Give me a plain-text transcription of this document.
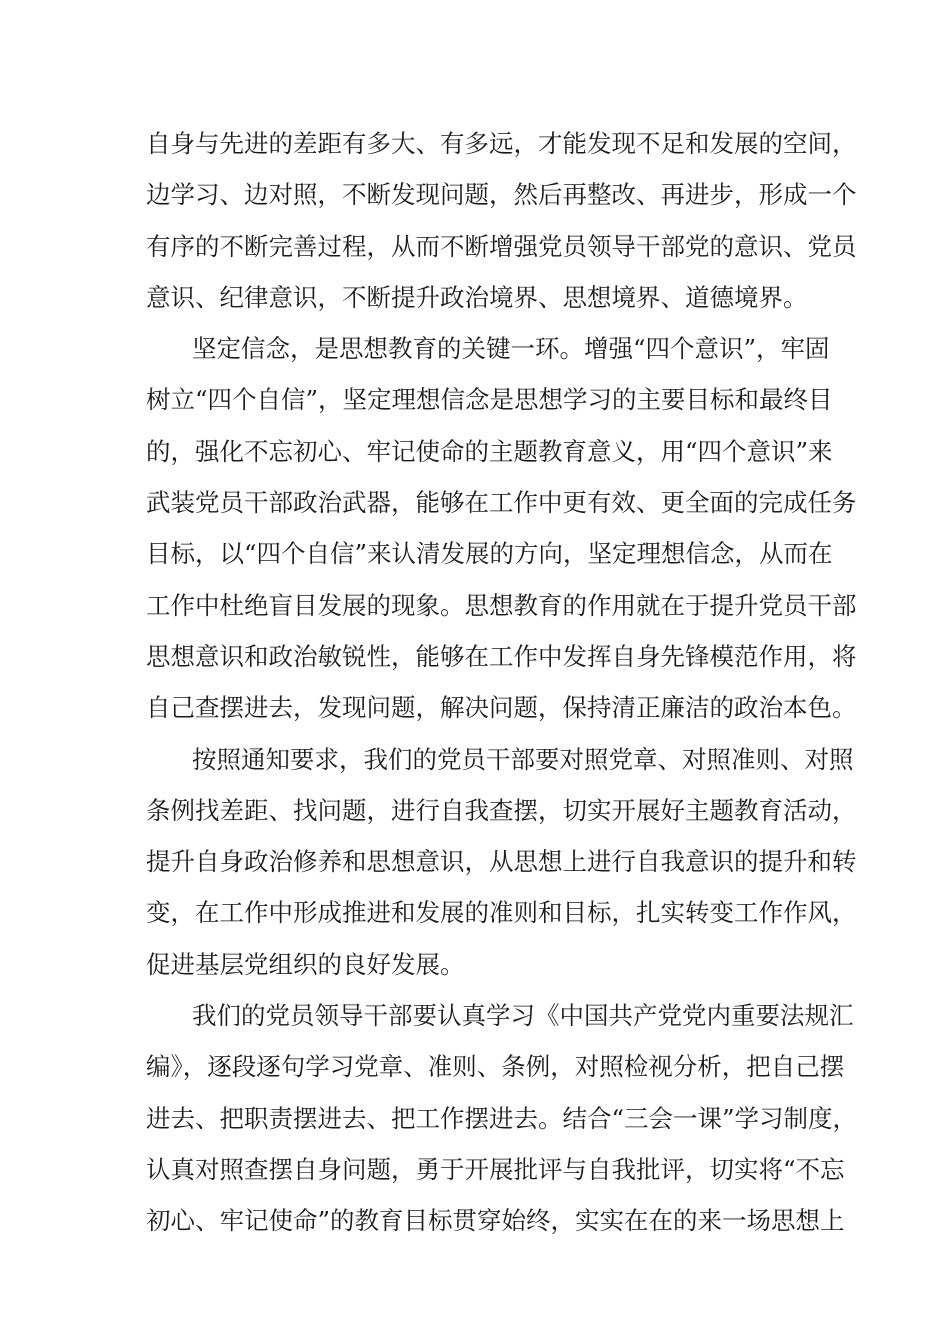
自身与先进的差距有多大、有多远，才能发现不足和发展的空间，
边学习、边对照，不断发现问题，然后再整改、再进步，形成一个
有序的不断完善过程，从而不断增强党员领导干部党的意识、党员
意识、纪律意识，不断提升政治境界、思想境界、道德境界。
坚定信念，是思想教育的关键一环。增强“四个意识”，牢固
树立“四个自信”，坚定理想信念是思想学习的主要目标和最终目
的，强化不忘初心、牢记使命的主题教育意义，用“四个意识”来
武装党员干部政治武器，能够在工作中更有效、更全面的完成任务
目标，以“四个自信”来认清发展的方向，坚定理想信念，从而在
工作中杜绝盲目发展的现象。思想教育的作用就在于提升党员干部
思想意识和政治敏锐性，能够在工作中发挥自身先锋模范作用，将
自己查摆进去，发现问题，解决问题，保持清正廉洁的政治本色。
按照通知要求，我们的党员干部要对照党章、对照准则、对照
条例找差距、找问题，进行自我查摆，切实开展好主题教育活动，
提升自身政治修养和思想意识，从思想上进行自我意识的提升和转
变，在工作中形成推进和发展的准则和目标，扎实转变工作作风，
促进基层党组织的良好发展。
我们的党员领导干部要认真学习《中国共产党党内重要法规汇
编》，逐段逐句学习党章、准则、条例，对照检视分析，把自己摆
进去、把职责摆进去、把工作摆进去。结合“三会一课”学习制度，
认真对照查摆自身问题，勇于开展批评与自我批评，切实将“不忘
初心、牢记使命”的教育目标贯穿始终，实实在在的来一场思想上
